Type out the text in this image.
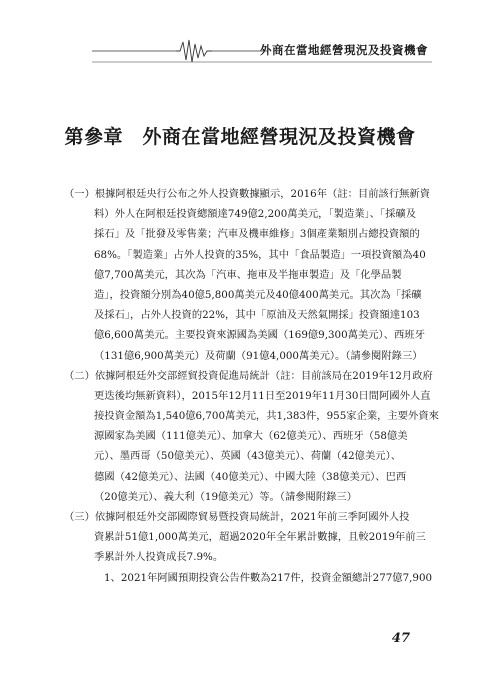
外商在當地經營現況及投資機會
第參章　外商在當地經營現況及投資機會
（一）根據阿根廷央行公布之外人投資數據顯示，2016年（註：目前該行無新資
料）外人在阿根廷投資總額達749億2,200萬美元，「製造業」、「採礦及
採石」及「批發及零售業；汽車及機車維修」3個產業類別占總投資額的
68%。「製造業」占外人投資的35%，其中「食品製造」一項投資額為40
億7,700萬美元，其次為「汽車、拖車及半拖車製造」及「化學品製
造」，投資額分別為40億5,800萬美元及40億400萬美元。其次為「採礦
及採石」，占外人投資的22%，其中「原油及天然氣開採」投資額達103
億6,600萬美元。主要投資來源國為美國（169億9,300萬美元）、西班牙
（131億6,900萬美元）及荷蘭（91億4,000萬美元）。（請參閱附錄三）
（二）依據阿根廷外交部經貿投資促進局統計（註：目前該局在2019年12月政府
更迭後均無新資料），2015年12月11日至2019年11月30日間阿國外人直
接投資金額為1,540億6,700萬美元，共1,383件，955家企業，主要外資來
源國家為美國（111億美元）、加拿大（62億美元）、西班牙（58億美
元）、墨西哥（50億美元）、英國（43億美元）、荷蘭（42億美元）、
德國（42億美元）、法國（40億美元）、中國大陸（38億美元）、巴西
（20億美元）、義大利（19億美元）等。（請參閱附錄三）
（三）依據阿根廷外交部國際貿易暨投資局統計，2021年前三季阿國外人投
資累計51億1,000萬美元，超過2020年全年累計數據，且較2019年前三
季累計外人投資成長7.9%。
1、2021年阿國預期投資公告件數為217件，投資金額總計277億7,900
47
